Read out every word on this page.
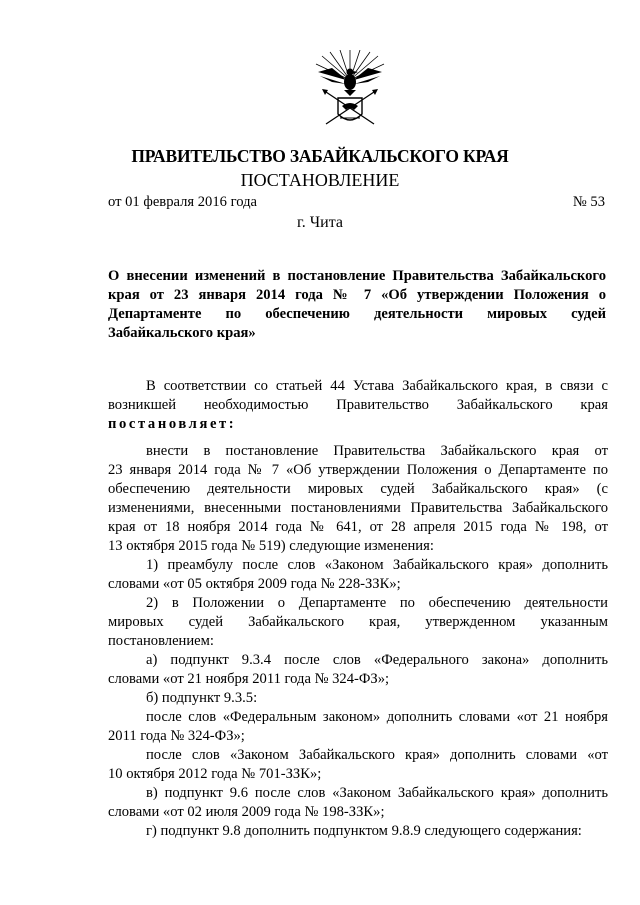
ПРАВИТЕЛЬСТВО ЗАБАЙКАЛЬСКОГО КРАЯ
ПОСТАНОВЛЕНИЕ
от 01 февраля 2016 года	№ 53
г. Чита
О внесении изменений в постановление Правительства Забайкальского
края от 23 января 2014 года № 7 «Об утверждении Положения о
Департаменте по обеспечению деятельности мировых судей
Забайкальского края»
В соответствии со статьей 44 Устава Забайкальского края, в связи с
возникшей необходимостью Правительство Забайкальского края
постановляет:
внести в постановление Правительства Забайкальского края от
23 января 2014 года № 7 «Об утверждении Положения о Департаменте по
обеспечению деятельности мировых судей Забайкальского края» (с
изменениями, внесенными постановлениями Правительства Забайкальского
края от 18 ноября 2014 года № 641, от 28 апреля 2015 года № 198, от
13 октября 2015 года № 519) следующие изменения:
1) преамбулу после слов «Законом Забайкальского края» дополнить
словами «от 05 октября 2009 года № 228-ЗЗК»;
2) в Положении о Департаменте по обеспечению деятельности
мировых судей Забайкальского края, утвержденном указанным
постановлением:
а) подпункт 9.3.4 после слов «Федерального закона» дополнить
словами «от 21 ноября 2011 года № 324-ФЗ»;
б) подпункт 9.3.5:
после слов «Федеральным законом» дополнить словами «от 21 ноября
2011 года № 324-ФЗ»;
после слов «Законом Забайкальского края» дополнить словами «от
10 октября 2012 года № 701-ЗЗК»;
в) подпункт 9.6 после слов «Законом Забайкальского края» дополнить
словами «от 02 июля 2009 года № 198-ЗЗК»;
г) подпункт 9.8 дополнить подпунктом 9.8.9 следующего содержания:
